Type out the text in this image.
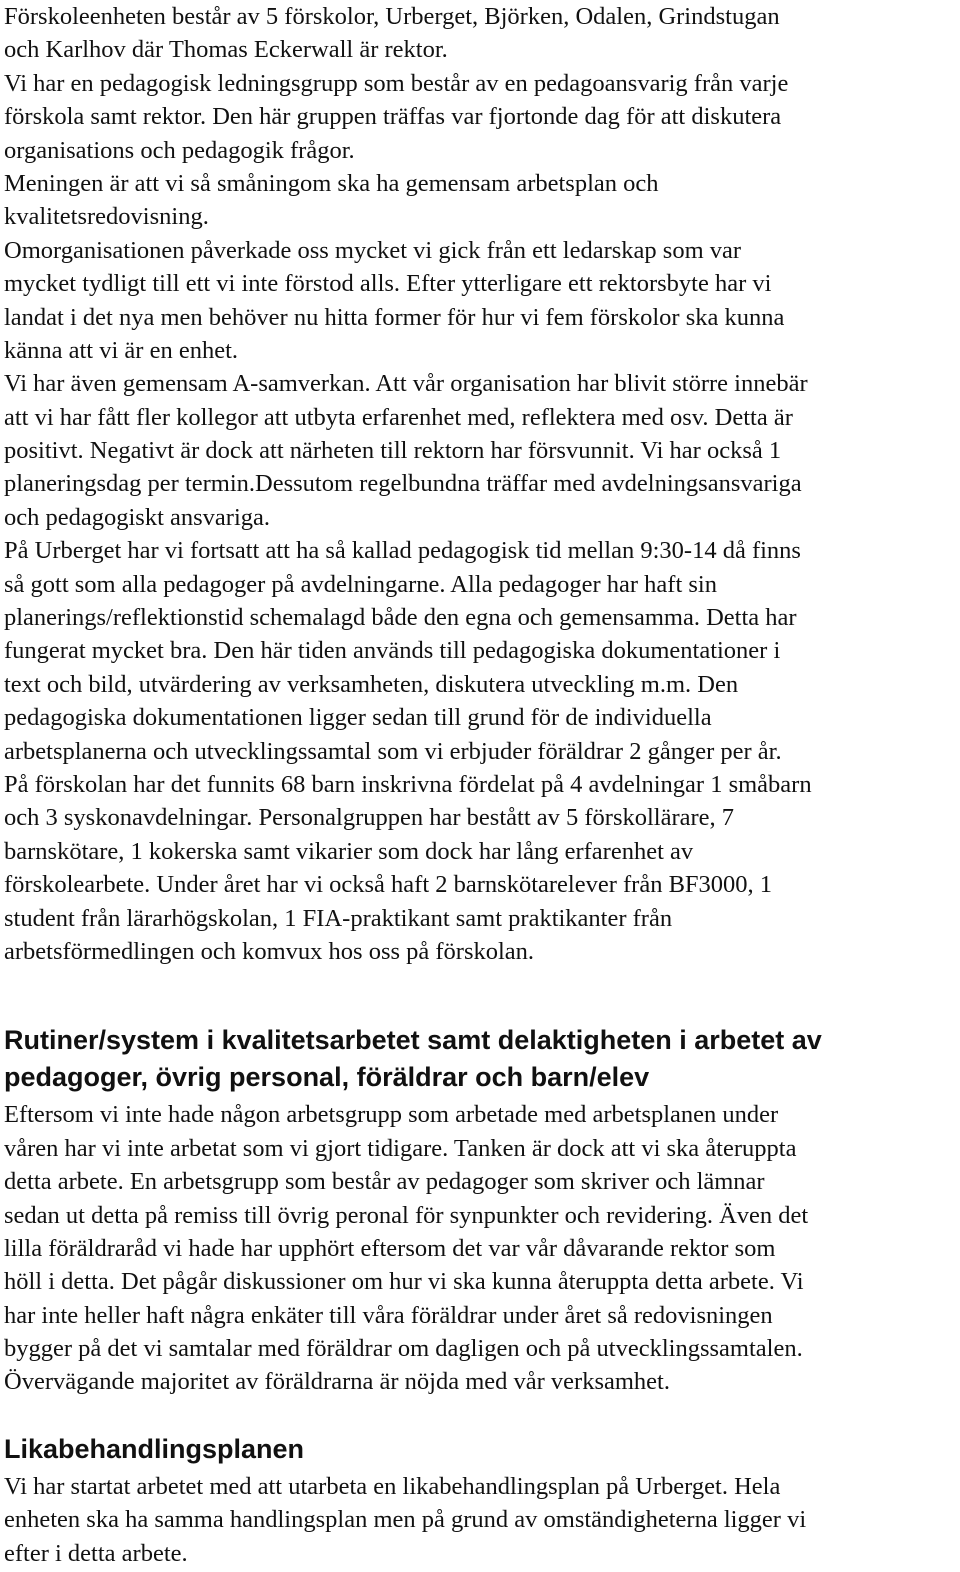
Förskoleenheten består av 5 förskolor, Urberget, Björken, Odalen, Grindstugan

och Karlhov där Thomas Eckerwall är rektor.

Vi har en pedagogisk ledningsgrupp som består av en pedagoansvarig från varje

förskola samt rektor. Den här gruppen träffas var fjortonde dag för att diskutera

organisations och pedagogik frågor.

Meningen är att vi så småningom ska ha gemensam arbetsplan och

kvalitetsredovisning.

Omorganisationen påverkade oss mycket vi gick från ett ledarskap som var

mycket tydligt till ett vi inte förstod alls. Efter ytterligare ett rektorsbyte har vi

landat i det nya men behöver nu hitta former för hur vi fem förskolor ska kunna

känna att vi är en enhet.

Vi har även gemensam A-samverkan. Att vår organisation har blivit större innebär

att vi har fått fler kollegor att utbyta erfarenhet med, reflektera med osv. Detta är

positivt. Negativt är dock att närheten till rektorn har försvunnit. Vi har också 1

planeringsdag per termin.Dessutom regelbundna träffar med avdelningsansvariga

och pedagogiskt ansvariga.

På Urberget har vi fortsatt att ha så kallad pedagogisk tid mellan 9:30-14 då finns

så gott som alla pedagoger på avdelningarne. Alla pedagoger har haft sin

planerings/reflektionstid schemalagd både den egna och gemensamma. Detta har

fungerat mycket bra. Den här tiden används till pedagogiska dokumentationer i

text och bild, utvärdering av verksamheten, diskutera utveckling m.m. Den

pedagogiska dokumentationen ligger sedan till grund för de individuella

arbetsplanerna och utvecklingssamtal som vi erbjuder föräldrar 2 gånger per år.

På förskolan har det funnits 68 barn inskrivna fördelat på 4 avdelningar 1 småbarn

och 3 syskonavdelningar. Personalgruppen har bestått av 5 förskollärare, 7

barnskötare, 1 kokerska samt vikarier som dock har lång erfarenhet av

förskolearbete. Under året har vi också haft 2 barnskötarelever från BF3000, 1

student från lärarhögskolan, 1 FIA-praktikant samt praktikanter från

arbetsförmedlingen och komvux hos oss på förskolan.

Rutiner/system i kvalitetsarbetet samt delaktigheten i arbetet av
pedagoger, övrig personal, föräldrar och barn/elev

Eftersom vi inte hade någon arbetsgrupp som arbetade med arbetsplanen under

våren har vi inte arbetat som vi gjort tidigare. Tanken är dock att vi ska återuppta

detta arbete. En arbetsgrupp som består av pedagoger som skriver och lämnar

sedan ut detta på remiss till övrig peronal för synpunkter och revidering. Även det

lilla föräldraråd vi hade har upphört eftersom det var vår dåvarande rektor som

höll i detta. Det pågår diskussioner om hur vi ska kunna återuppta detta arbete. Vi

har inte heller haft några enkäter till våra föräldrar under året så redovisningen

bygger på det vi samtalar med föräldrar om dagligen och på utvecklingssamtalen.

Övervägande majoritet av föräldrarna är nöjda med vår verksamhet.

Likabehandlingsplanen

Vi har startat arbetet med att utarbeta en likabehandlingsplan på Urberget. Hela

enheten ska ha samma handlingsplan men på grund av omständigheterna ligger vi

efter i detta arbete.
